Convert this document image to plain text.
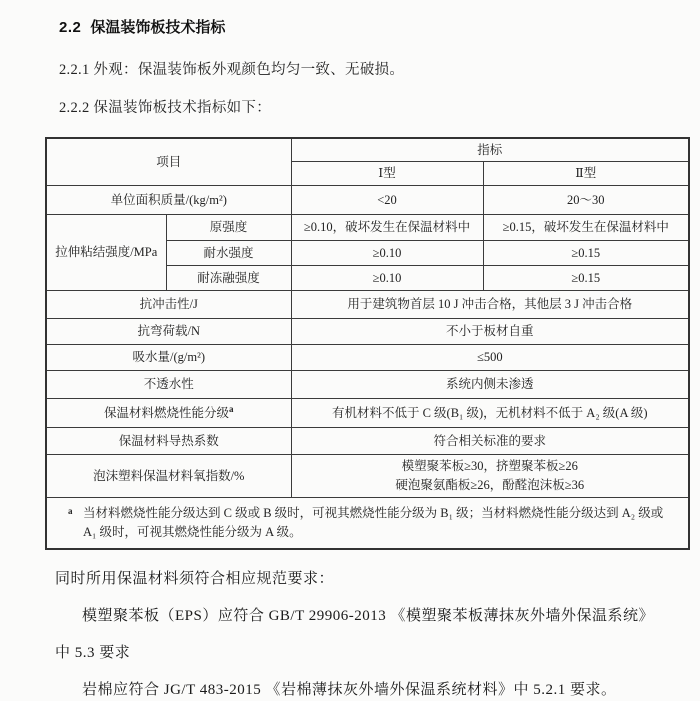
2.2 保温装饰板技术指标
2.2.1 外观：保温装饰板外观颜色均匀一致、无破损。
2.2.2 保温装饰板技术指标如下：
项目		指标	
		Ⅰ型	Ⅱ型
单位面积质量/(kg/m²)		<20	20～30
拉伸粘结强度/MPa	原强度	≥0.10，破坏发生在保温材料中	≥0.15，破坏发生在保温材料中
	耐水强度	≥0.10	≥0.15
	耐冻融强度	≥0.10	≥0.15
抗冲击性/J		用于建筑物首层 10 J 冲击合格，其他层 3 J 冲击合格	
抗弯荷载/N		不小于板材自重	
吸水量/(g/m²)		≤500	
不透水性		系统内侧未渗透	
保温材料燃烧性能分级$^a$		有机材料不低于 C 级(B₁ 级)，无机材料不低于 A₂ 级(A 级)	
保温材料导热系数		符合相关标准的要求	
泡沫塑料保温材料氧指数/%		模塑聚苯板≥30，挤塑聚苯板≥26
硬泡聚氨酯板≥26，酚醛泡沫板≥36	

a 当材料燃烧性能分级达到 C 级或 B 级时，可视其燃烧性能分级为 B₁ 级；当材料燃烧性能分级达到 A₂ 级或 A₁ 级时，可视其燃烧性能分级为 A 级。			
同时所用保温材料须符合相应规范要求：
模塑聚苯板（EPS）应符合 GB/T 29906-2013 《模塑聚苯板薄抹灰外墙外保温系统》
中 5.3 要求
岩棉应符合 JG/T 483-2015 《岩棉薄抹灰外墙外保温系统材料》中 5.2.1 要求。
